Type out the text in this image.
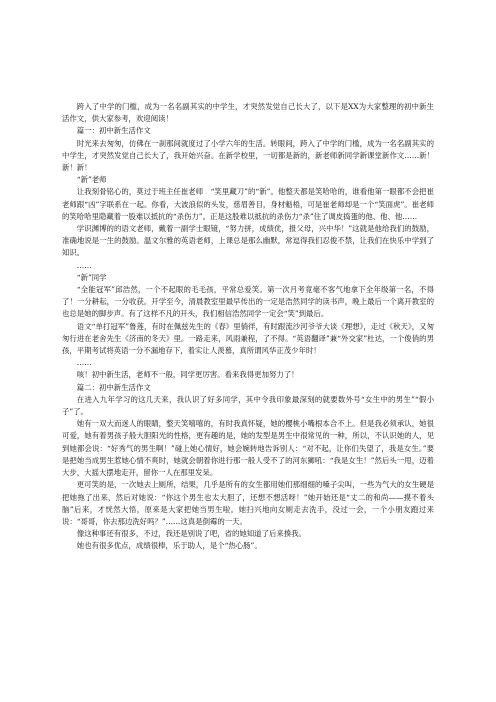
跨入了中学的门槛，成为一名名副其实的中学生，才突然发觉自己长大了，以下是XX为大家整理的初中新生活作文，供大家参考，欢迎阅读！

篇一：初中新生活作文

时光来去匆匆，仿佛在一刹那间就度过了小学六年的生活。转眼间，跨入了中学的门槛，成为一名名副其实的中学生，才突然发觉自己长大了，我开始兴奋。在新学校里，一切都是新的，新老师新同学新课堂新作文……新！新！新！

“新”老师

让我刻骨铭心的，莫过于班主任崔老师　“笑里藏刀”的“新”。他整天都是笑哈哈的，谁看他第一眼都不会把崔老师跟“凶”字联系在一起。你看，大波浪似的头发，慈眉善目，身材魁梧，可是崔老师却是一个“笑面虎”。崔老师的笑哈哈里隐藏着一股难以抵抗的“杀伤力”。正是这股难以抵抗的杀伤力“杀”住了调皮捣蛋的他、他、他……

学识渊博的的语文老师，戴着一副学士眼镜，“努力拼，成绩优，报父母，兴中华！”这就是他给我们的鼓励，准确地说是一生的鼓励。温文尔雅的英语老师，上课总是那么幽默，常逗得我们忍俊不禁，让我们在快乐中学到了知识。

……

“新”同学

“全能冠军”邱浩然，一个不起眼的毛毛孩，平常总爱笑。第一次月考竟毫不客气地拿下全年级第一名，不得了！一分耕耘，一分收获。开学至今，清晨教室里最早传出的一定是浩然同学的读书声，晚上最后一个离开教室的也总是她的脚步声。有了这样不凡的开头，我们相信浩然同学一定会“笑”到最后。

语文“单打冠军”鲁莲，有时在佩兹先生的《春》里徜徉，有时跟流沙河爷爷大谈《理想》，走过《秋天》，又匆匆行进在老舍先生《济南的冬天》里。一路走来，风雨兼程，了不得。“英语翻译”兼“外交家”杜达，一个俊俏的男孩，平期考试将英语一分不漏地存下，着实让人羡慕，真所谓风华正茂少年时！

……

咳！初中新生活，老师不一般，同学更厉害。看来我得更加努力了！

篇二：初中新生活作文

在进入九年学习的这几天来，我认识了好多同学，其中令我印象最深刻的就要数外号“女生中的男生”“假小子”了。

她有一双大而迷人的眼睛，整天笑嘻嘻的，有时我真怀疑，她的樱桃小嘴根本合不上。但是我必须承认，她很可爱，她有着男孩子般大胆阳光的性格，更有趣的是，她的发型是男生中很常见的一种，所以，不认识她的人，见到她都会说：“好秀气的男生啊！”碰上她心情好，她会婉转地告诉别人：“对不起，让你们失望了，我是女生。”要是把她当成男生惹她心情不爽时，她就会朝着你进行那一般人受不了的河东狮吼：“我是女生！”然后头一甩，迈着大步，大摇大摆地走开，留你一人在那里发呆。

更可笑的是，一次她去上厕所，结果，几乎是所有的女生都用她们那细细的嗓子尖叫，一些为气大的女生硬是把她拖了出来，然后对她说：“你这个男生也太大胆了，还想不想活呀！”她开始还是“丈二的和尚——摸不着头脑”后来，才恍然大悟，原来是大家把她当男生啦。她扫兴地向女厕走去洗手，没过一会，一个小朋友跑过来说：“哥哥，你去那边洗好吗？”……这真是倒霉的一天。

像这种事还有很多，不过，我还是别说了吧，省的她知道了后来揍我。

她也有很多优点，成绩很棒，乐于助人，是个“热心肠”。
